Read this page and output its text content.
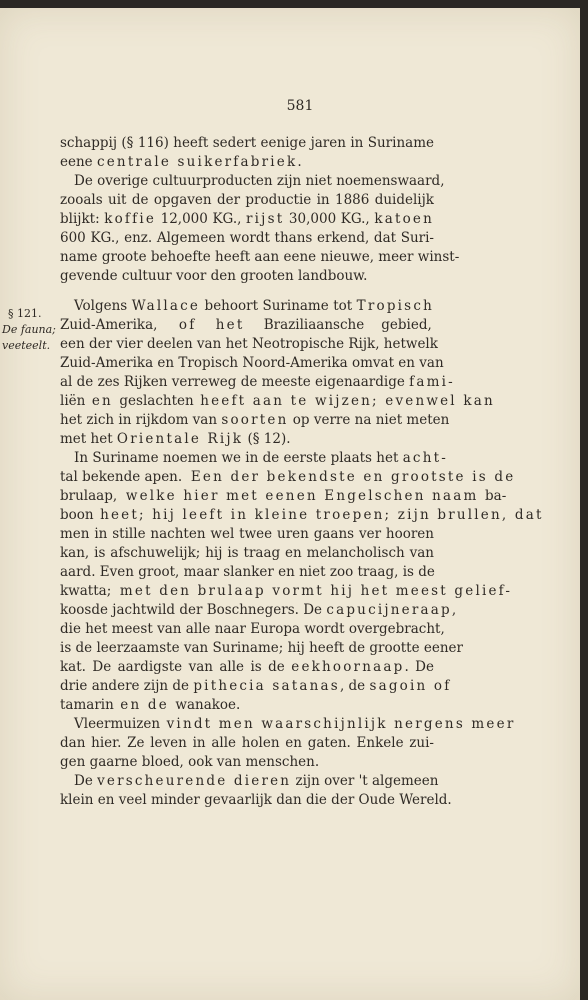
581
§ 121.
De fauna;
veeteelt.
schappij (§ 116) heeft sedert eenige jaren in Suriname
eene centrale suikerfabriek.
De overige cultuurproducten zijn niet noemenswaard,
zooals uit de opgaven der productie in 1886 duidelijk
blijkt: koffie 12,000 KG., rijst 30,000 KG., katoen
600 KG., enz. Algemeen wordt thans erkend, dat Suri-
name groote behoefte heeft aan eene nieuwe, meer winst-
gevende cultuur voor den grooten landbouw.
Volgens Wallace behoort Suriname tot Tropisch
Zuid-Amerika, of het Braziliaansche gebied,
een der vier deelen van het Neotropische Rijk, hetwelk
Zuid-Amerika en Tropisch Noord-Amerika omvat en van
al de zes Rijken verreweg de meeste eigenaardige fami-
liën en geslachten heeft aan te wijzen; evenwel kan
het zich in rijkdom van soorten op verre na niet meten
met het Orientale Rijk (§ 12).
In Suriname noemen we in de eerste plaats het acht-
tal bekende apen. Een der bekendste en grootste is de
brulaap, welke hier met eenen Engelschen naam ba-
boon heet; hij leeft in kleine troepen; zijn brullen, dat
men in stille nachten wel twee uren gaans ver hooren
kan, is afschuwelijk; hij is traag en melancholisch van
aard. Even groot, maar slanker en niet zoo traag, is de
kwatta; met den brulaap vormt hij het meest gelief-
koosde jachtwild der Boschnegers. De capucijneraap,
die het meest van alle naar Europa wordt overgebracht,
is de leerzaamste van Suriname; hij heeft de grootte eener
kat. De aardigste van alle is de eekhoornaap. De
drie andere zijn de pithecia satanas, de sagoin of
tamarin en de wanakoe.
Vleermuizen vindt men waarschijnlijk nergens meer
dan hier. Ze leven in alle holen en gaten. Enkele zui-
gen gaarne bloed, ook van menschen.
De verscheurende dieren zijn over 't algemeen
klein en veel minder gevaarlijk dan die der Oude Wereld.
